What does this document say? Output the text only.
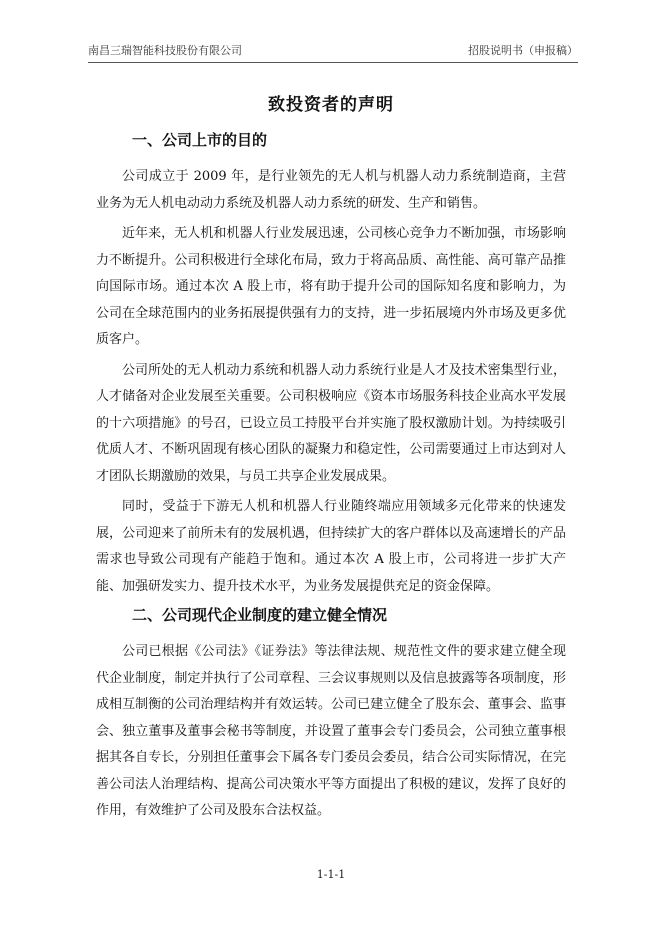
南昌三瑞智能科技股份有限公司	招股说明书（申报稿）
致投资者的声明
一、公司上市的目的

公司成立于 2009 年，是行业领先的无人机与机器人动力系统制造商，主营业务为无人机电动动力系统及机器人动力系统的研发、生产和销售。

近年来，无人机和机器人行业发展迅速，公司核心竞争力不断加强，市场影响力不断提升。公司积极进行全球化布局，致力于将高品质、高性能、高可靠产品推向国际市场。通过本次 A 股上市，将有助于提升公司的国际知名度和影响力，为公司在全球范围内的业务拓展提供强有力的支持，进一步拓展境内外市场及更多优质客户。

公司所处的无人机动力系统和机器人动力系统行业是人才及技术密集型行业，人才储备对企业发展至关重要。公司积极响应《资本市场服务科技企业高水平发展的十六项措施》的号召，已设立员工持股平台并实施了股权激励计划。为持续吸引优质人才、不断巩固现有核心团队的凝聚力和稳定性，公司需要通过上市达到对人才团队长期激励的效果，与员工共享企业发展成果。

同时，受益于下游无人机和机器人行业随终端应用领域多元化带来的快速发展，公司迎来了前所未有的发展机遇，但持续扩大的客户群体以及高速增长的产品需求也导致公司现有产能趋于饱和。通过本次 A 股上市，公司将进一步扩大产能、加强研发实力、提升技术水平，为业务发展提供充足的资金保障。

二、公司现代企业制度的建立健全情况

公司已根据《公司法》《证券法》等法律法规、规范性文件的要求建立健全现代企业制度，制定并执行了公司章程、三会议事规则以及信息披露等各项制度，形成相互制衡的公司治理结构并有效运转。公司已建立健全了股东会、董事会、监事会、独立董事及董事会秘书等制度，并设置了董事会专门委员会，公司独立董事根据其各自专长，分别担任董事会下属各专门委员会委员，结合公司实际情况，在完善公司法人治理结构、提高公司决策水平等方面提出了积极的建议，发挥了良好的作用，有效维护了公司及股东合法权益。

1-1-1
